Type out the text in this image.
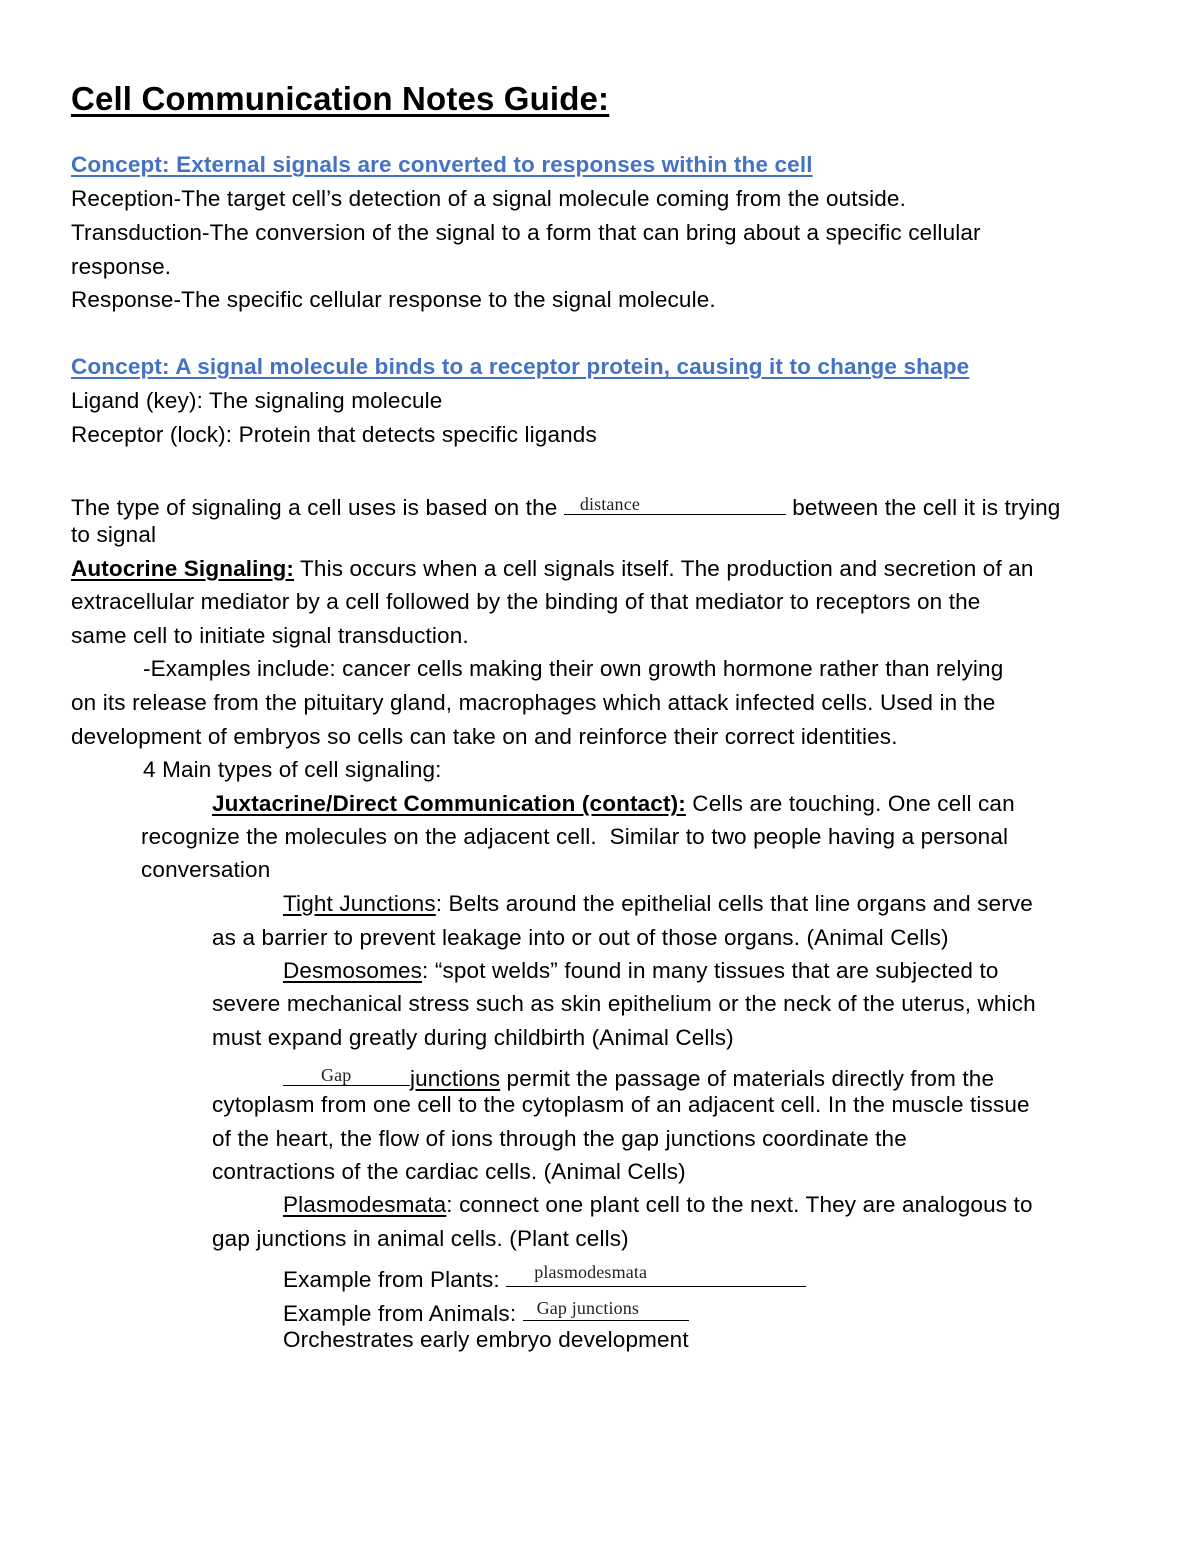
Cell Communication Notes Guide:
Concept: External signals are converted to responses within the cell
Reception-The target cell’s detection of a signal molecule coming from the outside.
Transduction-The conversion of the signal to a form that can bring about a specific cellular
response.
Response-The specific cellular response to the signal molecule.
Concept: A signal molecule binds to a receptor protein, causing it to change shape
Ligand (key): The signaling molecule
Receptor (lock): Protein that detects specific ligands
The type of signaling a cell uses is based on the distance	between the cell it is trying
to signal
Autocrine Signaling: This occurs when a cell signals itself. The production and secretion of an
extracellular mediator by a cell followed by the binding of that mediator to receptors on the
same cell to initiate signal transduction.
-Examples include: cancer cells making their own growth hormone rather than relying
on its release from the pituitary gland, macrophages which attack infected cells. Used in the
development of embryos so cells can take on and reinforce their correct identities.
4 Main types of cell signaling:
Juxtacrine/Direct Communication (contact): Cells are touching. One cell can
recognize the molecules on the adjacent cell.  Similar to two people having a personal
conversation
Tight Junctions: Belts around the epithelial cells that line organs and serve
as a barrier to prevent leakage into or out of those organs. (Animal Cells)
Desmosomes: “spot welds” found in many tissues that are subjected to
severe mechanical stress such as skin epithelium or the neck of the uterus, which
must expand greatly during childbirth (Animal Cells)
Gap	junctions permit the passage of materials directly from the
cytoplasm from one cell to the cytoplasm of an adjacent cell. In the muscle tissue
of the heart, the flow of ions through the gap junctions coordinate the
contractions of the cardiac cells. (Animal Cells)
Plasmodesmata: connect one plant cell to the next. They are analogous to
gap junctions in animal cells. (Plant cells)
Example from Plants: plasmodesmata
Example from Animals: Gap junctions
Orchestrates early embryo development
